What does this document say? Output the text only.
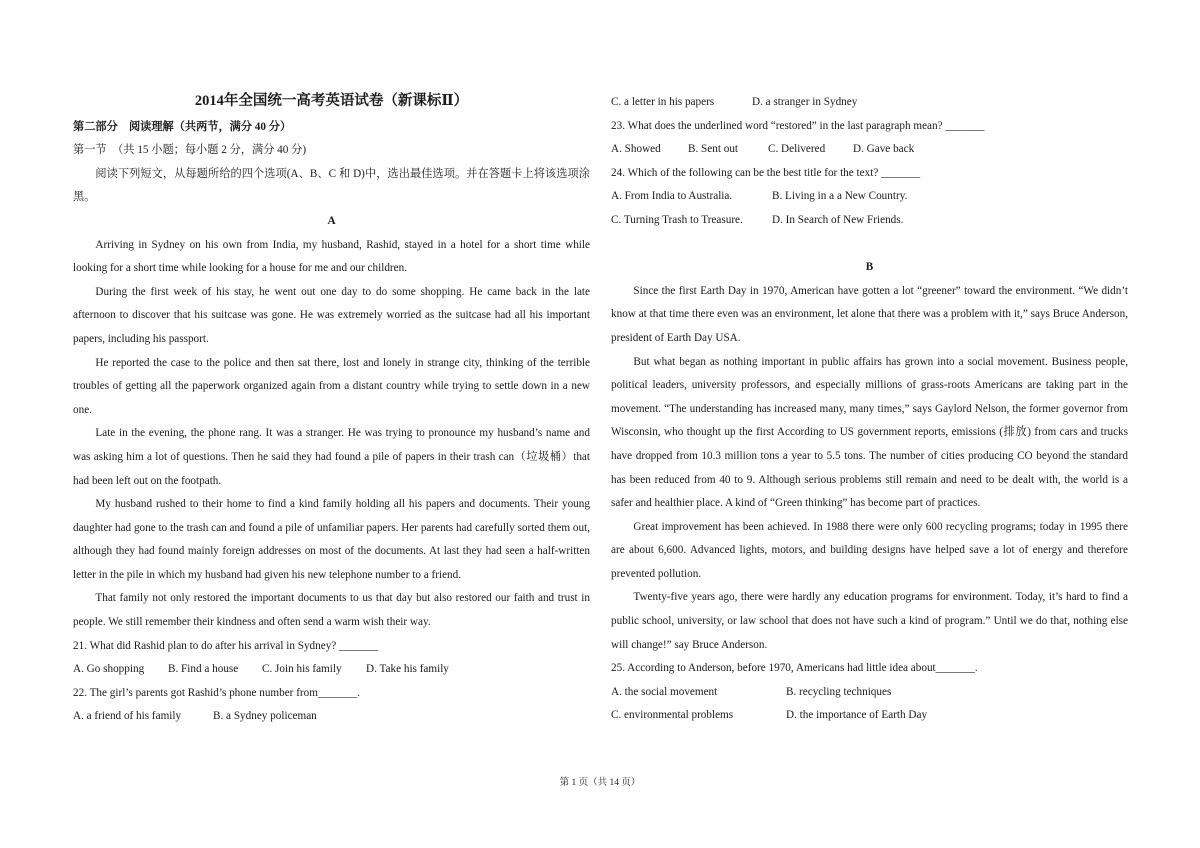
2014年全国统一高考英语试卷（新课标Ⅱ）

第二部分　阅读理解（共两节，满分 40 分）

第一节　（共 15 小题；每小题 2 分，满分 40 分)

阅读下列短文，从每题所给的四个选项(A、B、C 和 D)中，选出最佳选项。并在答题卡上将该选项涂黑。

A

Arriving in Sydney on his own from India, my husband, Rashid, stayed in a hotel for a short time while looking for a short time while looking for a house for me and our children.

During the first week of his stay, he went out one day to do some shopping. He came back in the late afternoon to discover that his suitcase was gone. He was extremely worried as the suitcase had all his important papers, including his passport.

He reported the case to the police and then sat there, lost and lonely in strange city, thinking of the terrible troubles of getting all the paperwork organized again from a distant country while trying to settle down in a new one.

Late in the evening, the phone rang. It was a stranger. He was trying to pronounce my husband’s name and was asking him a lot of questions. Then he said they had found a pile of papers in their trash can（垃圾桶）that had been left out on the footpath.

My husband rushed to their home to find a kind family holding all his papers and documents. Their young daughter had gone to the trash can and found a pile of unfamiliar papers. Her parents had carefully sorted them out, although they had found mainly foreign addresses on most of the documents. At last they had seen a half-written letter in the pile in which my husband had given his new telephone number to a friend.

That family not only restored the important documents to us that day but also restored our faith and trust in people. We still remember their kindness and often send a warm wish their way.

21. What did Rashid plan to do after his arrival in Sydney? _______

A. Go shopping B. Find a house C. Join his family D. Take his family

22. The girl’s parents got Rashid’s phone number from_______.

A. a friend of his family	B. a Sydney policeman

C. a letter in his papers	D. a stranger in Sydney

23. What does the underlined word “restored” in the last paragraph mean? _______

A. Showed B. Sent out	C. Delivered D. Gave back

24. Which of the following can be the best title for the text? _______

A. From India to Australia.	B. Living in a a New Country.

C. Turning Trash to Treasure.	D. In Search of New Friends.

B

Since the first Earth Day in 1970, American have gotten a lot “greener” toward the environment. “We didn’t know at that time there even was an environment, let alone that there was a problem with it,” says Bruce Anderson, president of Earth Day USA.

But what began as nothing important in public affairs has grown into a social movement. Business people, political leaders, university professors, and especially millions of grass-roots Americans are taking part in the movement. “The understanding has increased many, many times,” says Gaylord Nelson, the former governor from Wisconsin, who thought up the first According to US government reports, emissions (排放) from cars and trucks have dropped from 10.3 million tons a year to 5.5 tons. The number of cities producing CO beyond the standard has been reduced from 40 to 9. Although serious problems still remain and need to be dealt with, the world is a safer and healthier place. A kind of “Green thinking” has become part of practices.

Great improvement has been achieved. In 1988 there were only 600 recycling programs; today in 1995 there are about 6,600. Advanced lights, motors, and building designs have helped save a lot of energy and therefore prevented pollution.

Twenty-five years ago, there were hardly any education programs for environment. Today, it’s hard to find a public school, university, or law school that does not have such a kind of program.” Until we do that, nothing else will change!” say Bruce Anderson.

25. According to Anderson, before 1970, Americans had little idea about_______.

A. the social movement	B. recycling techniques

C. environmental problems	D. the importance of Earth Day

第 1 页（共 14 页）
